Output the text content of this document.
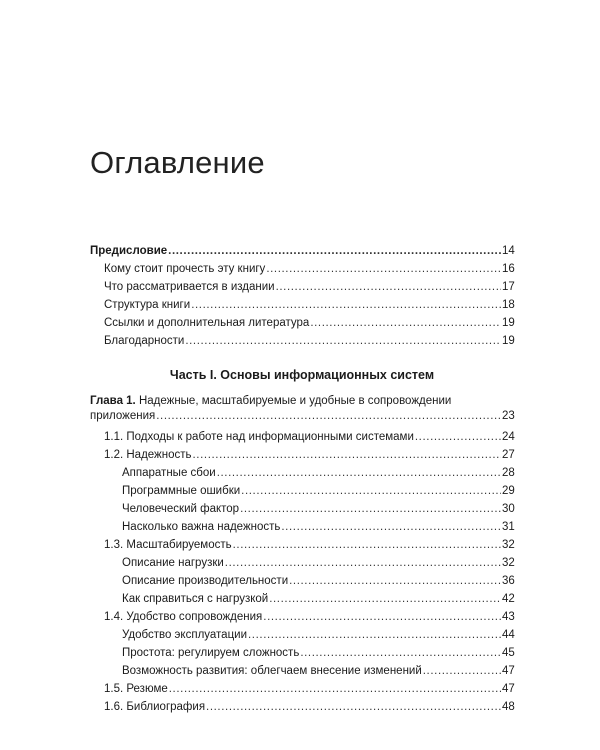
Оглавление
Предисловие .....	14
Кому стоит прочесть эту книгу .....	16
Что рассматривается в издании .....	17
Структура книги .....	18
Ссылки и дополнительная литература .....	19
Благодарности .....	19
Часть I. Основы информационных систем
Глава 1. Надежные, масштабируемые и удобные в сопровождении
приложения .....	23
1.1. Подходы к работе над информационными системами .....	24
1.2. Надежность .....	27
Аппаратные сбои .....	28
Программные ошибки .....	29
Человеческий фактор .....	30
Насколько важна надежность .....	31
1.3. Масштабируемость .....	32
Описание нагрузки .....	32
Описание производительности .....	36
Как справиться с нагрузкой .....	42
1.4. Удобство сопровождения .....	43
Удобство эксплуатации .....	44
Простота: регулируем сложность .....	45
Возможность развития: облегчаем внесение изменений .....	47
1.5. Резюме .....	47
1.6. Библиография .....	48
